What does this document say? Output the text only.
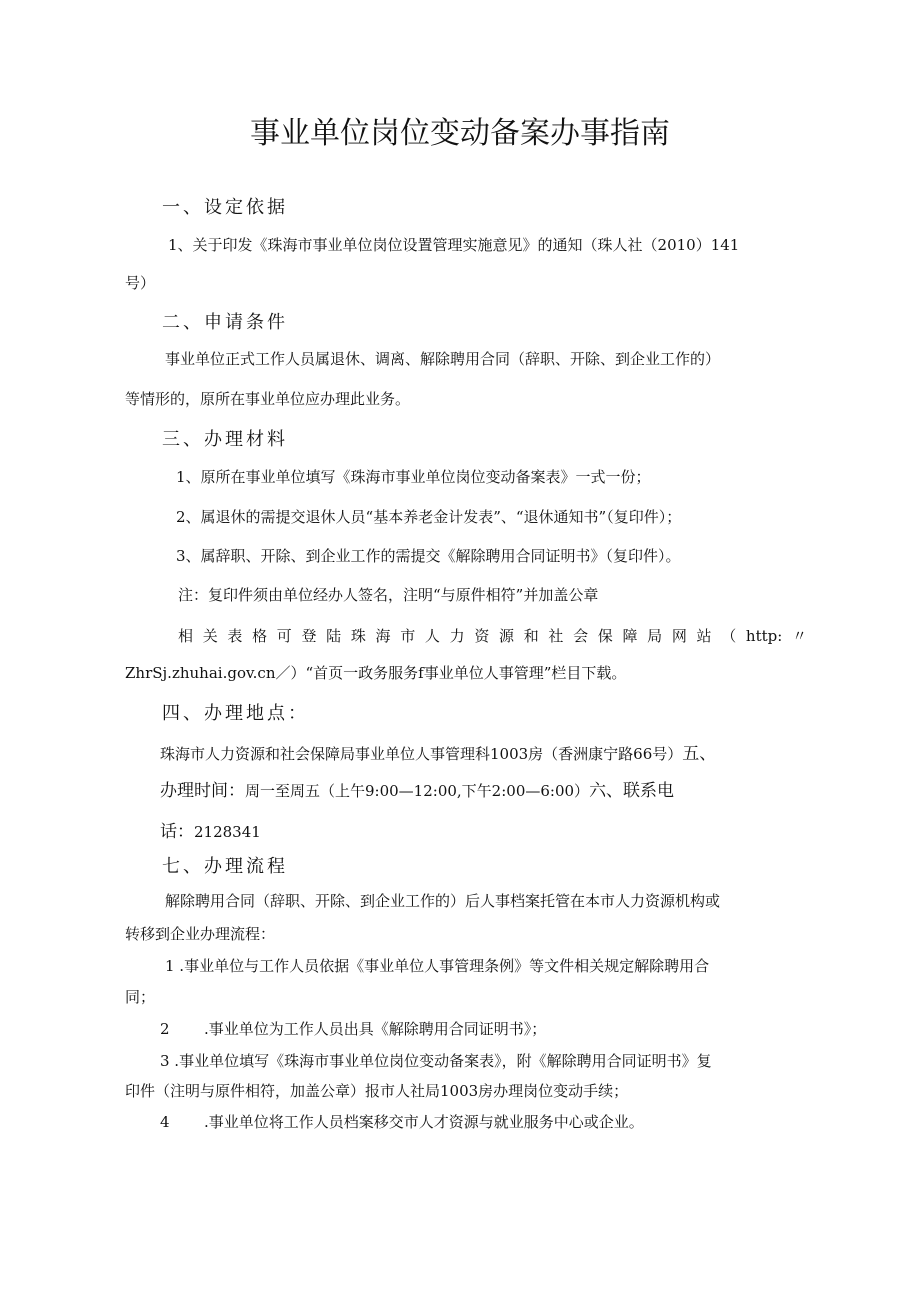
事业单位岗位变动备案办事指南
一、设定依据
1、关于印发《珠海市事业单位岗位设置管理实施意见》的通知（珠人社（2010）141
号）
二、申请条件
事业单位正式工作人员属退休、调离、解除聘用合同（辞职、开除、到企业工作的）
等情形的，原所在事业单位应办理此业务。
三、办理材料
1、原所在事业单位填写《珠海市事业单位岗位变动备案表》一式一份；
2、属退休的需提交退休人员“基本养老金计发表”、“退休通知书”（复印件）；
3、属辞职、开除、到企业工作的需提交《解除聘用合同证明书》（复印件）。
注：复印件须由单位经办人签名，注明“与原件相符”并加盖公章
相关表格可登陆珠海市人力资源和社会保障局网站（http:〃
ZhrSj.zhuhai.gov.cn／）“首页一政务服务f事业单位人事管理”栏目下载。
四、办理地点：
珠海市人力资源和社会保障局事业单位人事管理科1003房（香洲康宁路66号）五、
办理时间：周一至周五（上午9:00—12:00,下午2:00—6:00）六、联系电
话：2128341
七、办理流程
解除聘用合同（辞职、开除、到企业工作的）后人事档案托管在本市人力资源机构或
转移到企业办理流程：
1 .事业单位与工作人员依据《事业单位人事管理条例》等文件相关规定解除聘用合
同；
2 .事业单位为工作人员出具《解除聘用合同证明书》；
3 .事业单位填写《珠海市事业单位岗位变动备案表》，附《解除聘用合同证明书》复
印件（注明与原件相符，加盖公章）报市人社局1003房办理岗位变动手续；
4 .事业单位将工作人员档案移交市人才资源与就业服务中心或企业。
